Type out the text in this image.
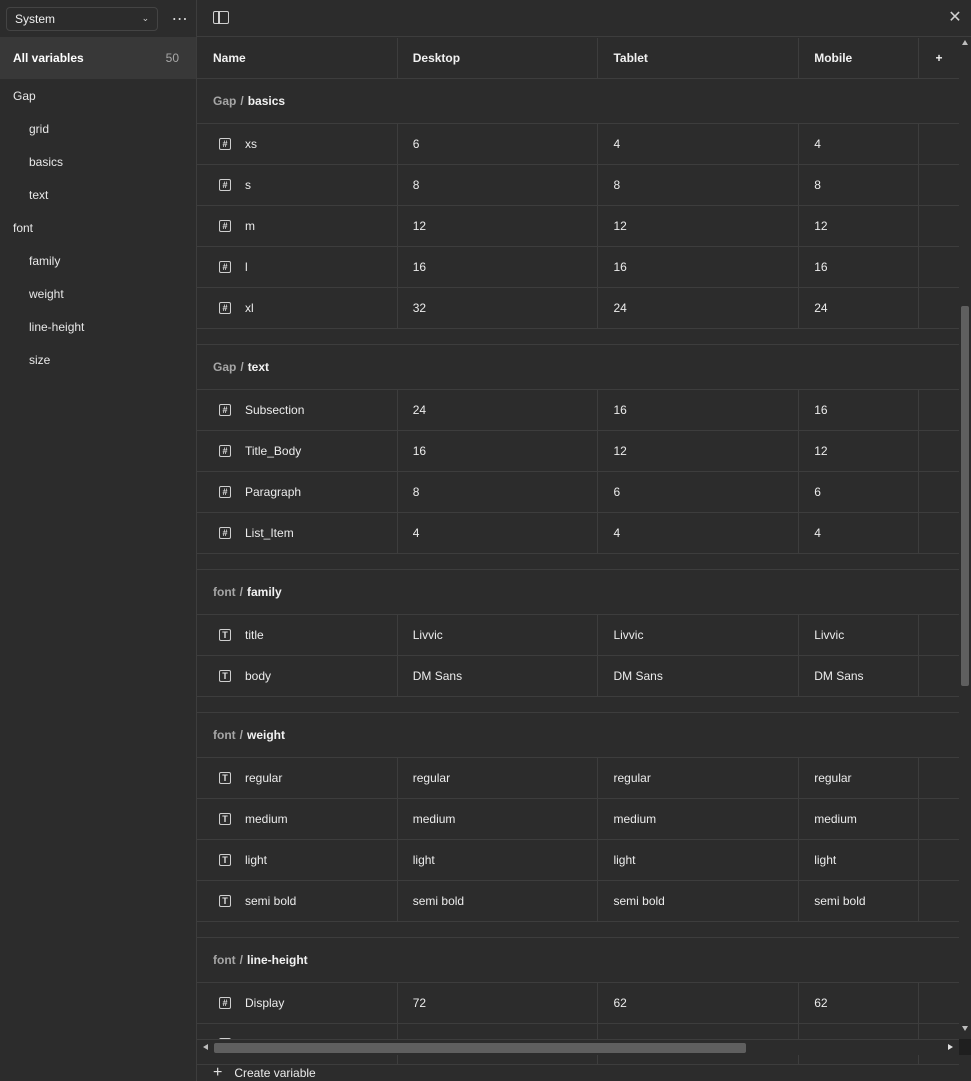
System	⌄ ⋯
All variables	50
Gap
grid
basics
text
font
family
weight
line-height
size
✕
Name	Desktop	Tablet	Mobile	+
Gap / basics
# xs	6	4	4
# s	8	8	8
# m	12	12	12
# l	16	16	16
# xl	32	24	24
Gap / text
# Subsection	24	16	16
# Title_Body	16	12	12
# Paragraph	8	6	6
# List_Item	4	4	4
font / family
T title	Livvic	Livvic	Livvic
T body	DM Sans	DM Sans	DM Sans
font / weight
T regular	regular	regular	regular
T medium	medium	medium	medium
T light	light	light	light
T semi bold	semi bold	semi bold	semi bold
font / line-height
# Display	72	62	62
+ Create variable
